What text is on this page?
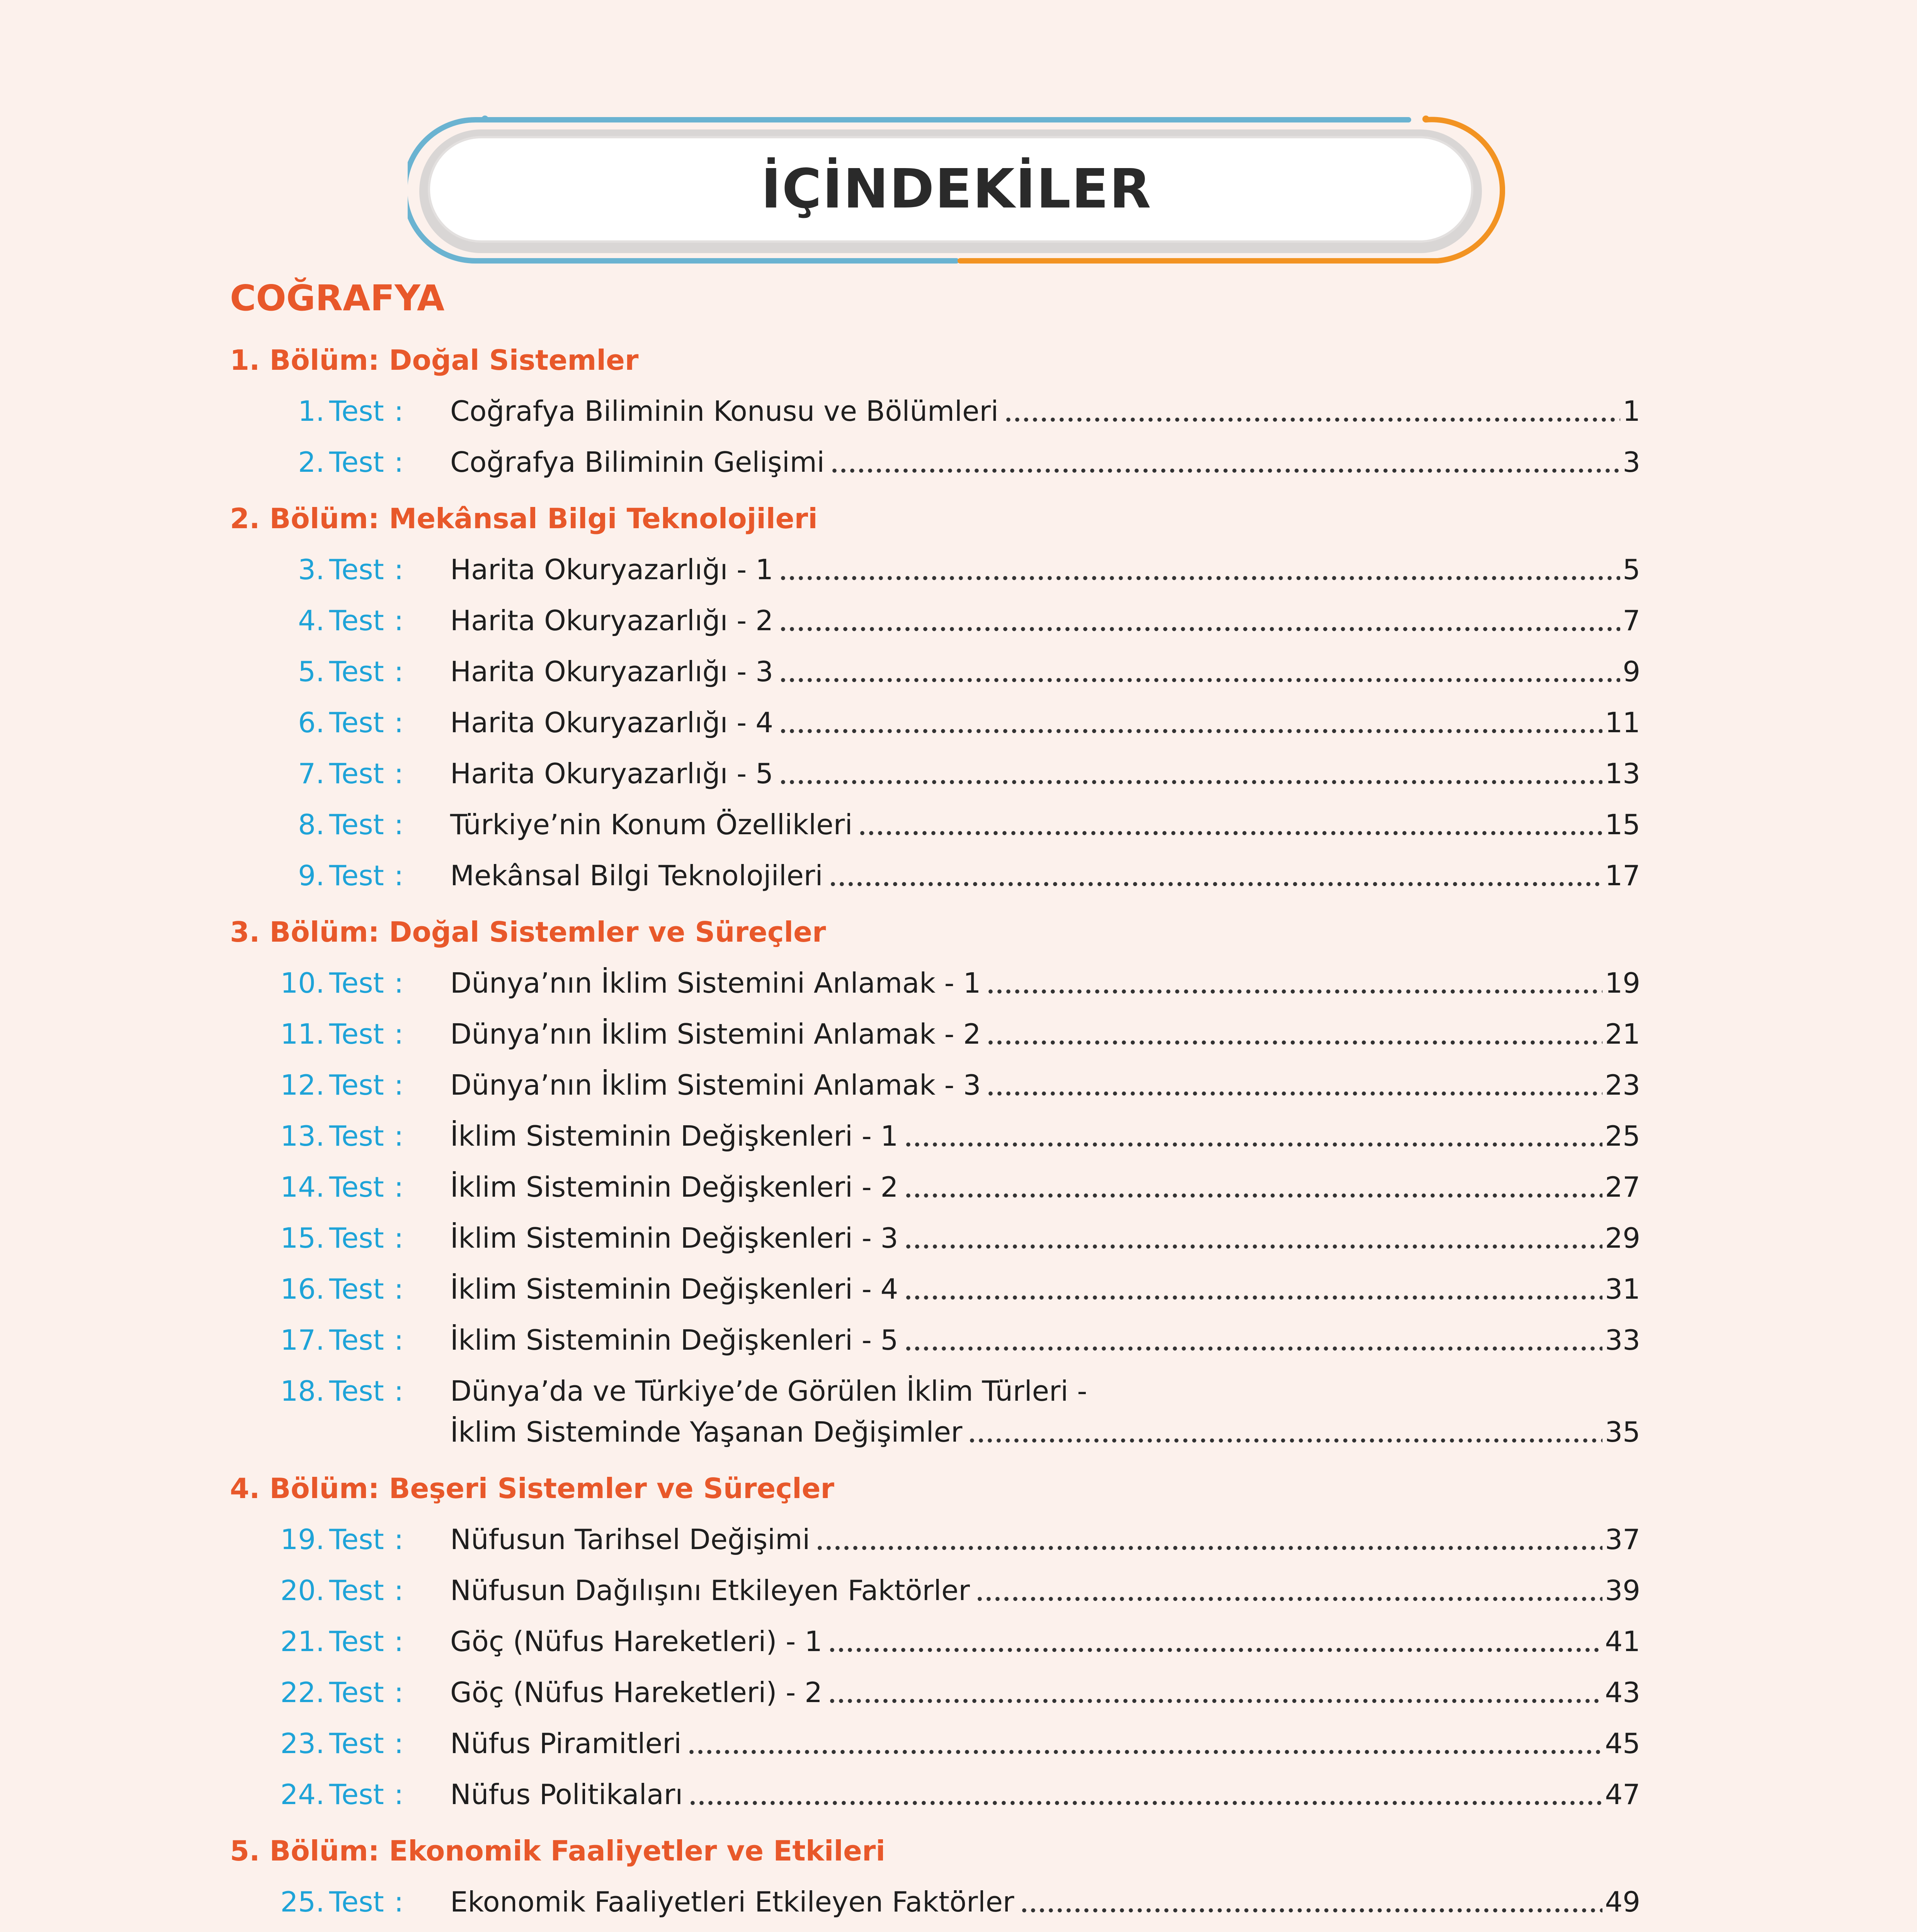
İÇİNDEKİLER
COĞRAFYA
1. Bölüm: Doğal Sistemler
1. Test : Coğrafya Biliminin Konusu ve Bölümleri	1
2. Test : Coğrafya Biliminin Gelişimi	3
2. Bölüm: Mekânsal Bilgi Teknolojileri
3. Test : Harita Okuryazarlığı - 1	5
4. Test : Harita Okuryazarlığı - 2	7
5. Test : Harita Okuryazarlığı - 3	9
6. Test : Harita Okuryazarlığı - 4	11
7. Test : Harita Okuryazarlığı - 5	13
8. Test : Türkiye’nin Konum Özellikleri	15
9. Test : Mekânsal Bilgi Teknolojileri	17
3. Bölüm: Doğal Sistemler ve Süreçler
10. Test : Dünya’nın İklim Sistemini Anlamak - 1	19
11. Test : Dünya’nın İklim Sistemini Anlamak - 2	21
12. Test : Dünya’nın İklim Sistemini Anlamak - 3	23
13. Test : İklim Sisteminin Değişkenleri - 1	25
14. Test : İklim Sisteminin Değişkenleri - 2	27
15. Test : İklim Sisteminin Değişkenleri - 3	29
16. Test : İklim Sisteminin Değişkenleri - 4	31
17. Test : İklim Sisteminin Değişkenleri - 5	33
18. Test : Dünya’da ve Türkiye’de Görülen İklim Türleri -
İklim Sisteminde Yaşanan Değişimler	35
4. Bölüm: Beşeri Sistemler ve Süreçler
19. Test : Nüfusun Tarihsel Değişimi	37
20. Test : Nüfusun Dağılışını Etkileyen Faktörler	39
21. Test : Göç (Nüfus Hareketleri) - 1	41
22. Test : Göç (Nüfus Hareketleri) - 2	43
23. Test : Nüfus Piramitleri	45
24. Test : Nüfus Politikaları	47
5. Bölüm: Ekonomik Faaliyetler ve Etkileri
25. Test : Ekonomik Faaliyetleri Etkileyen Faktörler	49
